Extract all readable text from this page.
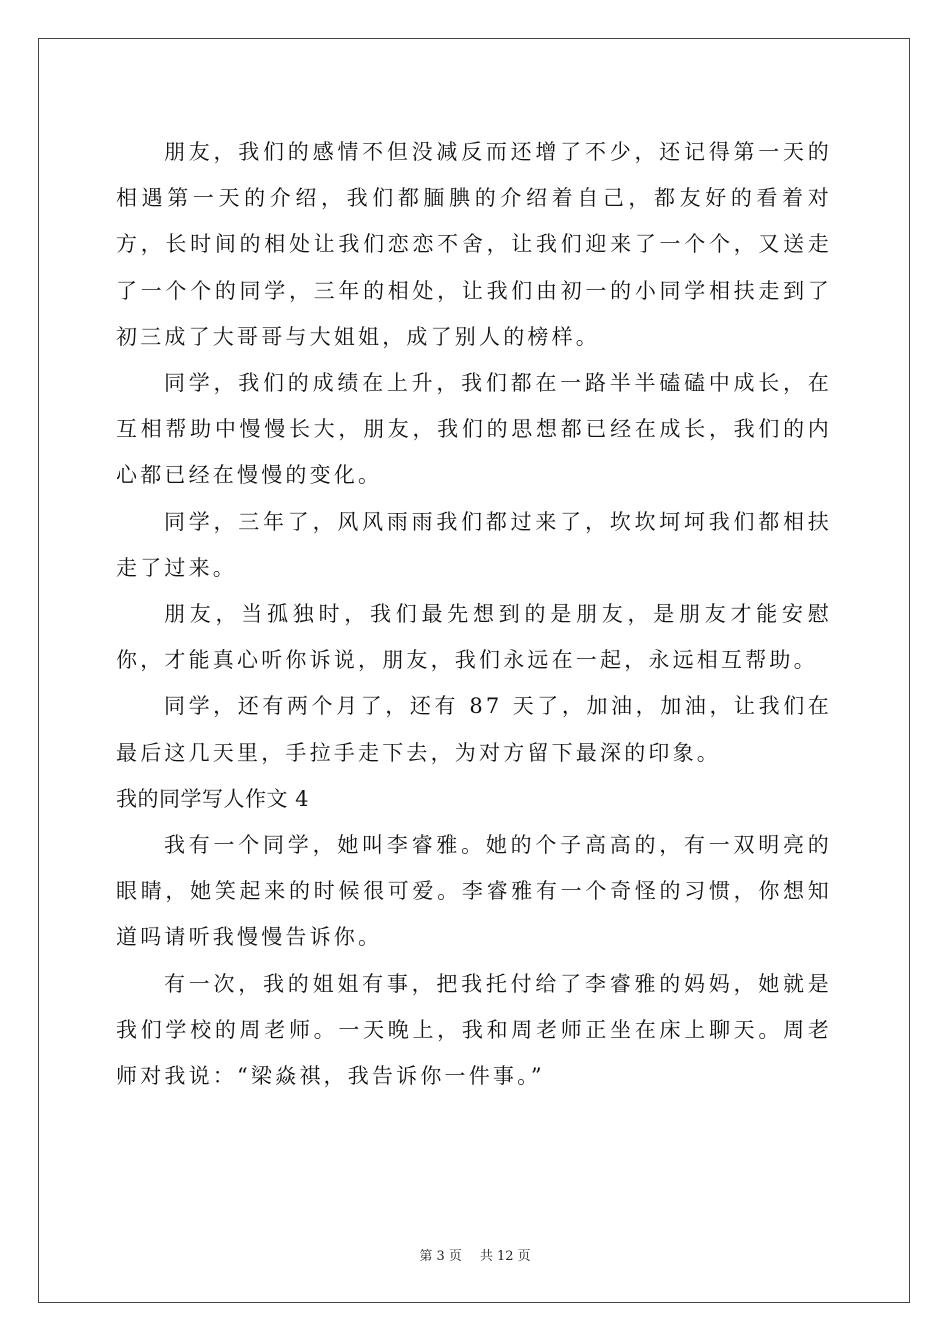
朋友，我们的感情不但没减反而还增了不少，还记得第一天的相遇第一天的介绍，我们都腼腆的介绍着自己，都友好的看着对方，长时间的相处让我们恋恋不舍，让我们迎来了一个个，又送走了一个个的同学，三年的相处，让我们由初一的小同学相扶走到了初三成了大哥哥与大姐姐，成了别人的榜样。

同学，我们的成绩在上升，我们都在一路半半磕磕中成长，在互相帮助中慢慢长大，朋友，我们的思想都已经在成长，我们的内心都已经在慢慢的变化。

同学，三年了，风风雨雨我们都过来了，坎坎坷坷我们都相扶走了过来。

朋友，当孤独时，我们最先想到的是朋友，是朋友才能安慰你，才能真心听你诉说，朋友，我们永远在一起，永远相互帮助。

同学，还有两个月了，还有 87 天了，加油，加油，让我们在最后这几天里，手拉手走下去，为对方留下最深的印象。

我的同学写人作文 4

我有一个同学，她叫李睿雅。她的个子高高的，有一双明亮的眼睛，她笑起来的时候很可爱。李睿雅有一个奇怪的习惯，你想知道吗请听我慢慢告诉你。

有一次，我的姐姐有事，把我托付给了李睿雅的妈妈，她就是我们学校的周老师。一天晚上，我和周老师正坐在床上聊天。周老师对我说：“梁焱祺，我告诉你一件事。”

第 3 页 共 12 页
